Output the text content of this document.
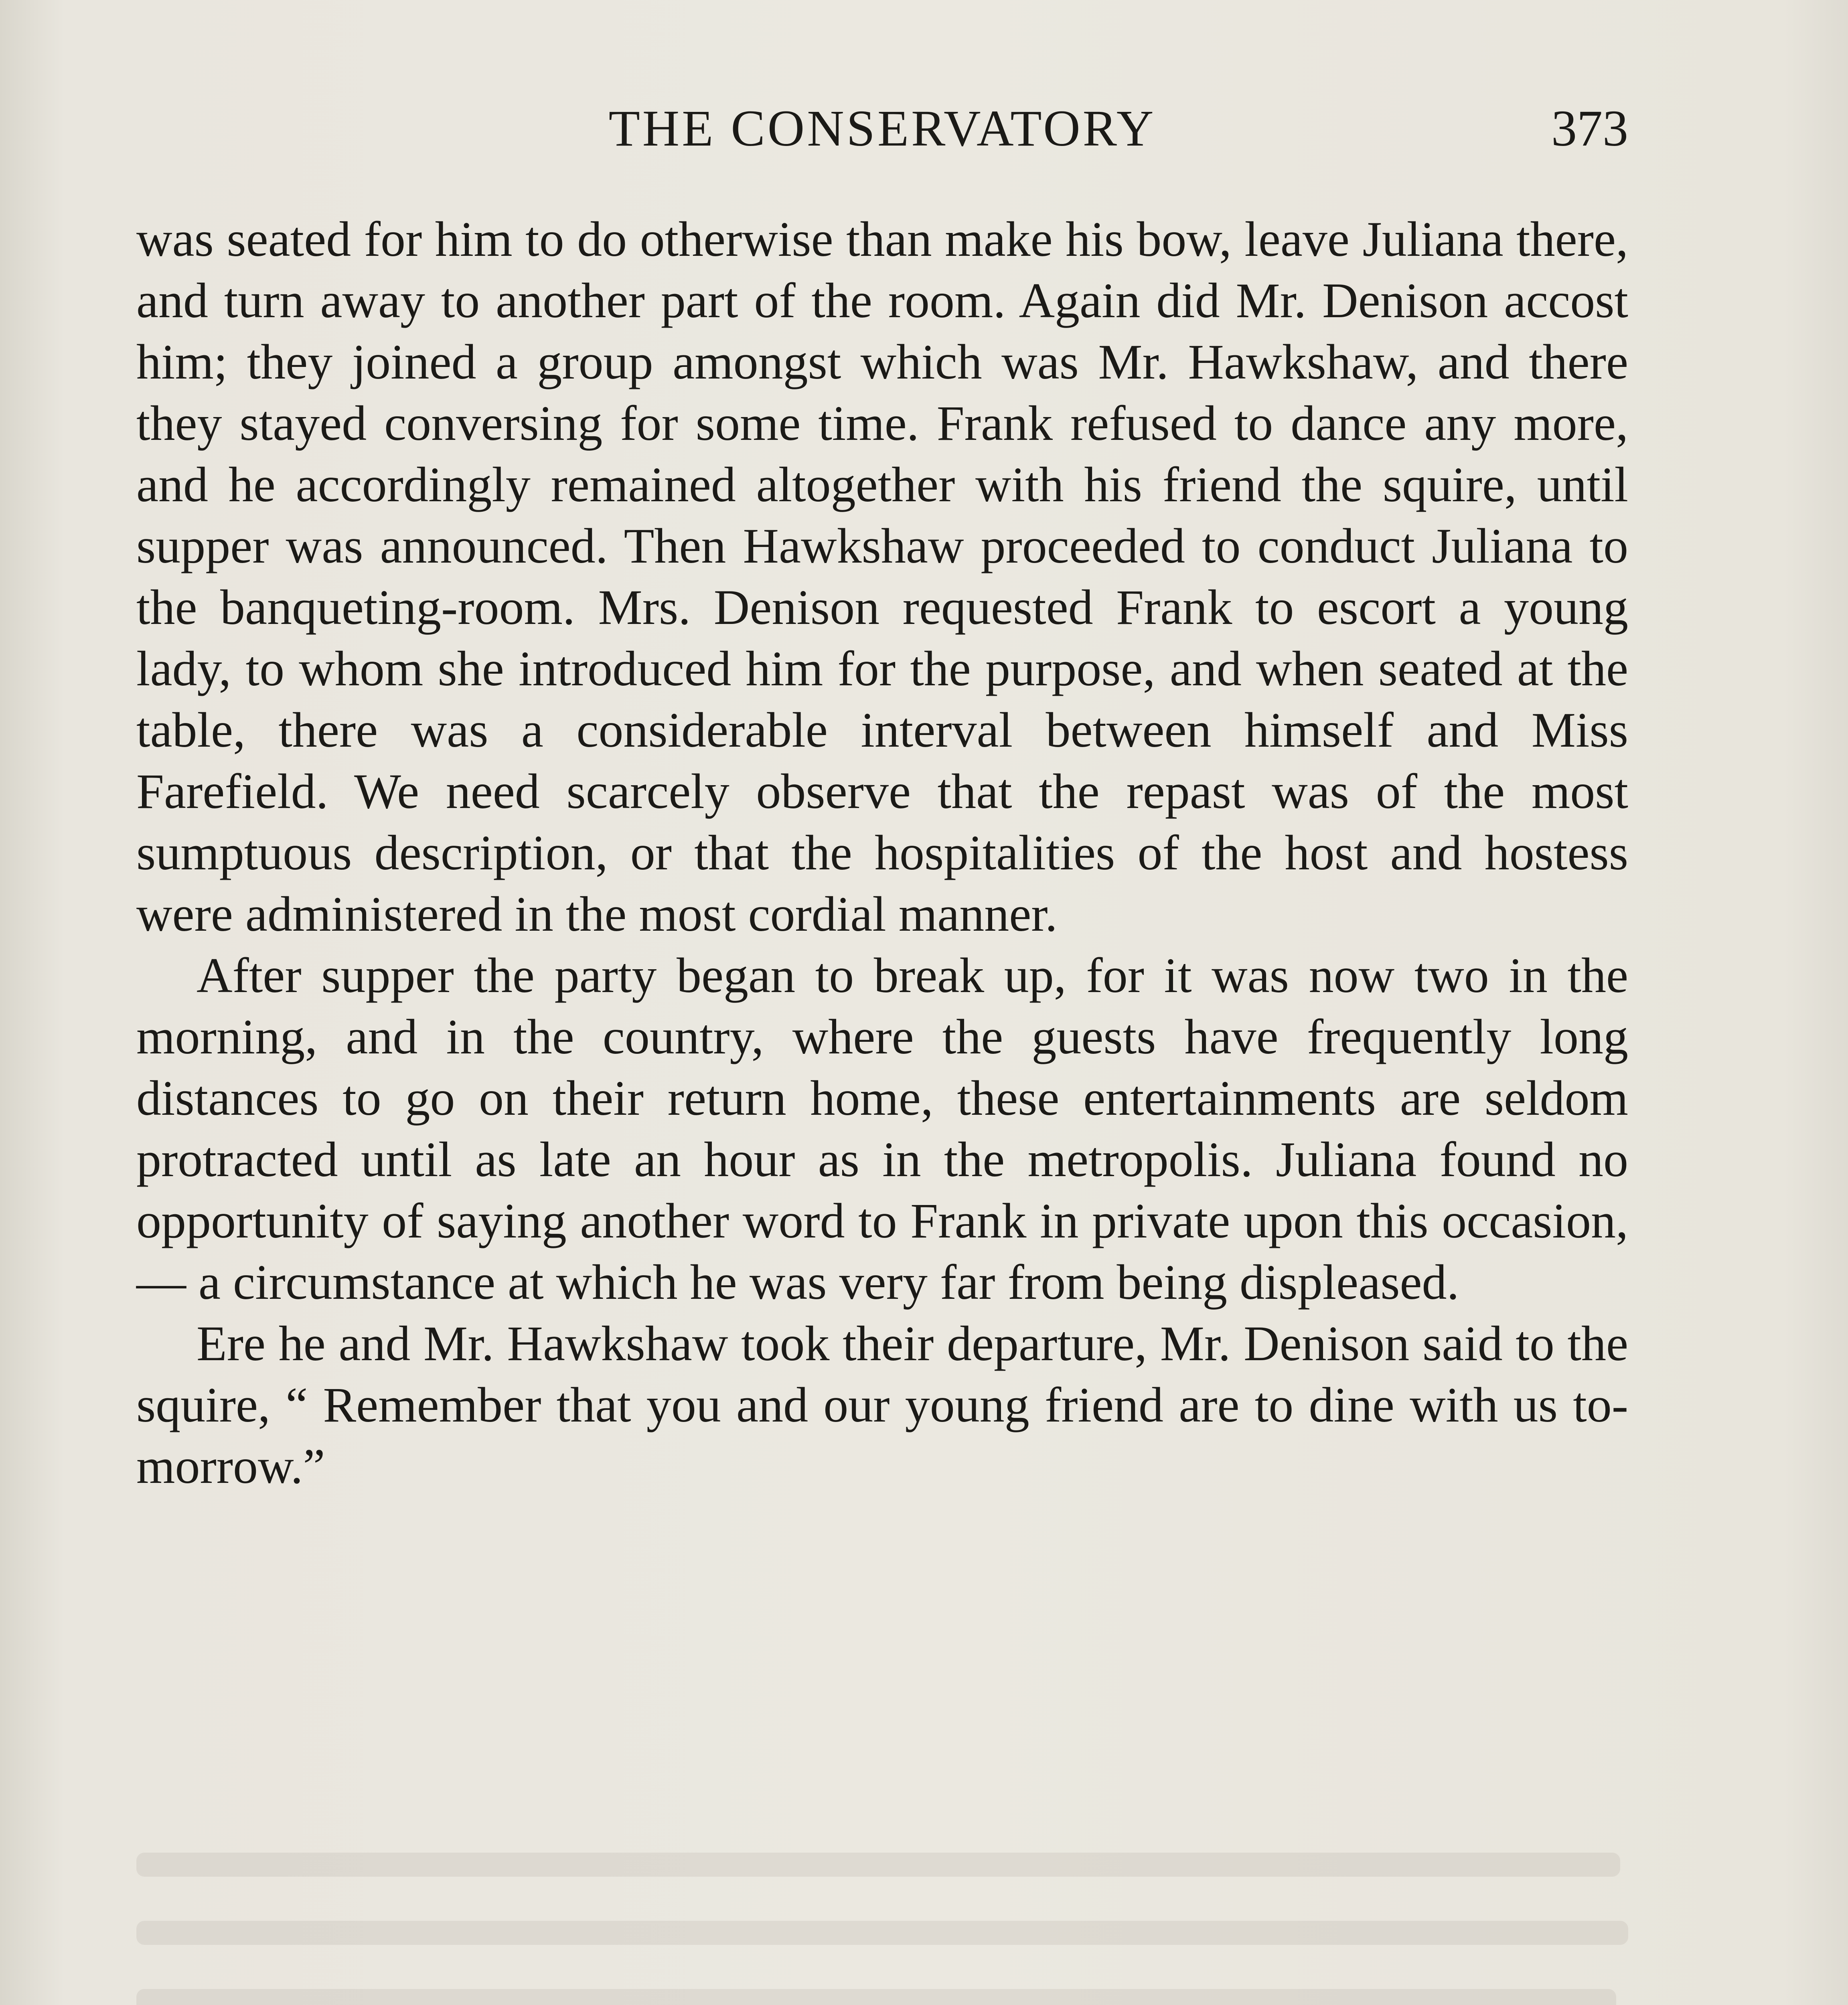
THE CONSERVATORY	373

was seated for him to do otherwise than make his bow, leave Juliana there, and turn away to another part of the room. Again did Mr. Denison accost him; they joined a group amongst which was Mr. Hawkshaw, and there they stayed conversing for some time. Frank refused to dance any more, and he accordingly remained altogether with his friend the squire, until supper was announced. Then Hawkshaw proceeded to conduct Juliana to the banqueting-room. Mrs. Denison requested Frank to escort a young lady, to whom she introduced him for the purpose, and when seated at the table, there was a considerable interval between himself and Miss Farefield. We need scarcely observe that the repast was of the most sumptuous description, or that the hospitalities of the host and hostess were administered in the most cordial manner.

After supper the party began to break up, for it was now two in the morning, and in the country, where the guests have frequently long distances to go on their return home, these entertainments are seldom protracted until as late an hour as in the metropolis. Juliana found no opportunity of saying another word to Frank in private upon this occasion, — a circumstance at which he was very far from being displeased.

Ere he and Mr. Hawkshaw took their departure, Mr. Denison said to the squire, “ Remember that you and our young friend are to dine with us to-morrow.”
